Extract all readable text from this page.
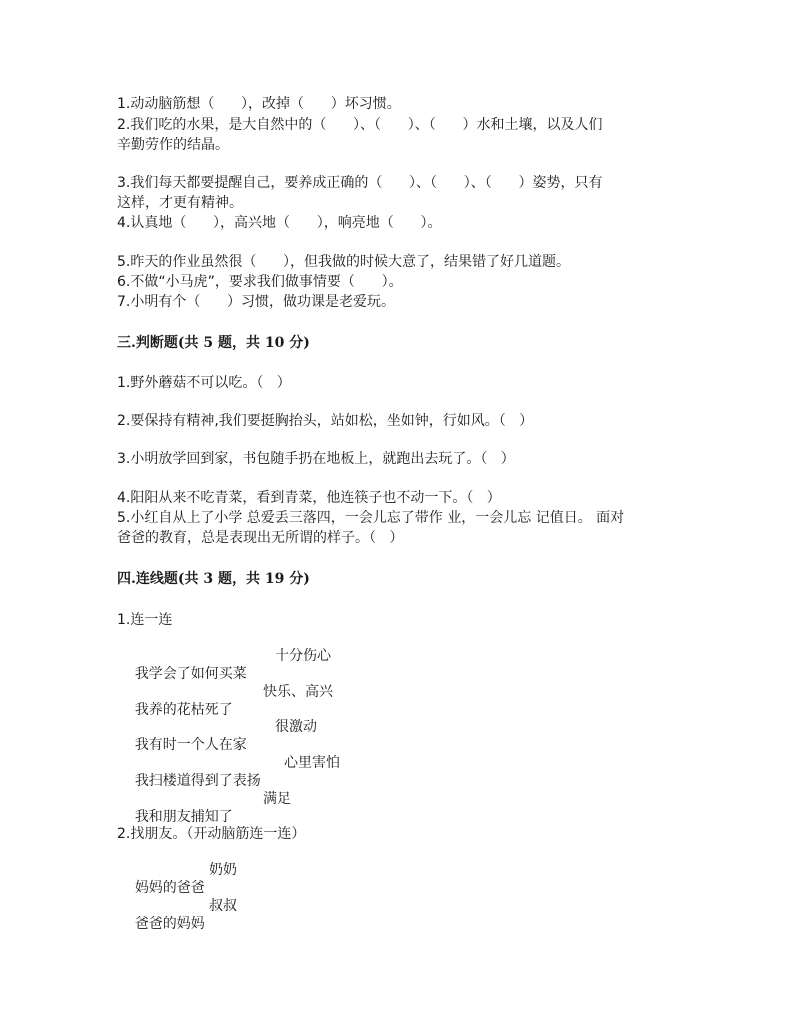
1.动动脑筋想（      ），改掉（      ）坏习惯。
2.我们吃的水果，是大自然中的（      ）、（      ）、（      ）水和土壤，以及人们
辛勤劳作的结晶。
3.我们每天都要提醒自己，要养成正确的（      ）、（      ）、（      ）姿势，只有
这样，才更有精神。
4.认真地（      ），高兴地（      ），响亮地（      ）。
5.昨天的作业虽然很（      ），但我做的时候大意了，结果错了好几道题。
6.不做“小马虎”，要求我们做事情要（      ）。
7.小明有个（      ）习惯，做功课是老爱玩。
三.判断题(共 5 题，共 10 分)
1.野外蘑菇不可以吃。（   ）
2.要保持有精神,我们要挺胸抬头，站如松，坐如钟，行如风。（   ）
3.小明放学回到家，书包随手扔在地板上，就跑出去玩了。（   ）
4.阳阳从来不吃青菜，看到青菜，他连筷子也不动一下。（   ）
5.小红自从上了小学 总爱丢三落四，一会儿忘了带作 业，一会儿忘 记值日。 面对
爸爸的教育，总是表现出无所谓的样子。（   ）
四.连线题(共 3 题，共 19 分)
1.连一连

我学会了如何买菜

十分伤心

我养的花枯死了

快乐、高兴

我有时一个人在家

很激动

我扫楼道得到了表扬

心里害怕

我和朋友捕知了

满足

2.找朋友。（开动脑筋连一连）

妈妈的爸爸

奶奶

爸爸的妈妈

叔叔
